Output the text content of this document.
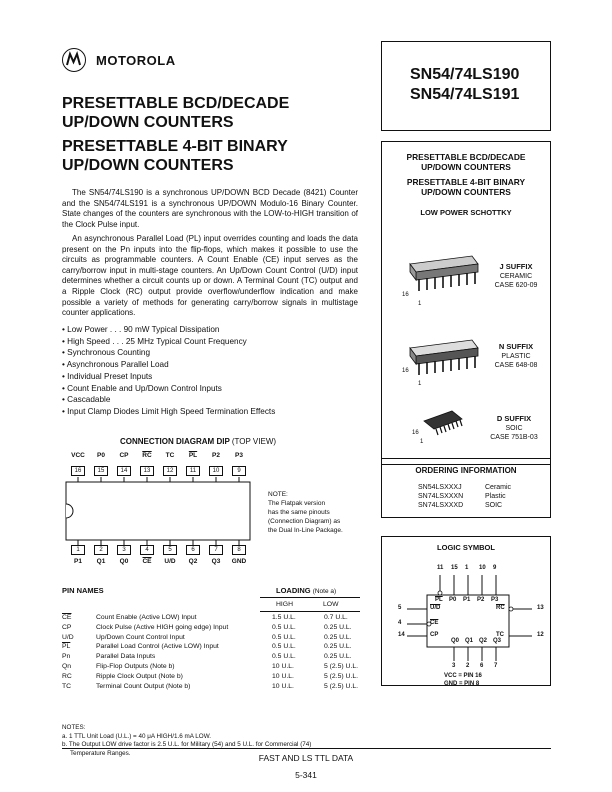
MOTOROLA
SN54/74LS190
SN54/74LS191
PRESETTABLE BCD/DECADE
UP/DOWN COUNTERS
PRESETTABLE 4-BIT BINARY
UP/DOWN COUNTERS

The SN54/74LS190 is a synchronous UP/DOWN BCD Decade (8421) Counter and the SN54/74LS191 is a synchronous UP/DOWN Modulo-16 Binary Counter. State changes of the counters are synchronous with the LOW-to-HIGH transition of the Clock Pulse input.

An asynchronous Parallel Load (PL) input overrides counting and loads the data present on the Pn inputs into the flip-flops, which makes it possible to use the circuits as programmable counters. A Count Enable (CE) input serves as the carry/borrow input in multi-stage counters. An Up/Down Count Control (U/D) input determines whether a circuit counts up or down. A Terminal Count (TC) output and a Ripple Clock (RC) output provide overflow/underflow indication and make possible a variety of methods for generating carry/borrow signals in multistage counter applications.

• Low Power . . . 90 mW Typical Dissipation
• High Speed . . . 25 MHz Typical Count Frequency
• Synchronous Counting
• Asynchronous Parallel Load
• Individual Preset Inputs
• Count Enable and Up/Down Control Inputs
• Cascadable
• Input Clamp Diodes Limit High Speed Termination Effects
PRESETTABLE BCD/DECADE
UP/DOWN COUNTERS
PRESETTABLE 4-BIT BINARY
UP/DOWN COUNTERS
LOW POWER SCHOTTKY
16
1
J SUFFIX
CERAMIC
CASE 620-09
16
1
N SUFFIX
PLASTIC
CASE 648-08
16
1
D SUFFIX
SOIC
CASE 751B-03
ORDERING INFORMATION
SN54LSXXXJ	Ceramic
SN74LSXXXN	Plastic
SN74LSXXXD	SOIC
CONNECTION DIAGRAM DIP (TOP VIEW)
VCC	P0	CP	$\overline{RC}$	TC	$\overline{PL}$	P2	P3
16	15	14	13	12	11	10	9
1	2	3	4	5	6	7	8
P1	Q1	Q0	$\overline{CE}$	U/D	Q2	Q3	GND
NOTE:
The Flatpak version
has the same pinouts
(Connection Diagram) as
the Dual In-Line Package.
PIN NAMES	LOADING (Note a)
HIGH	LOW
$\overline{CE}$	Count Enable (Active LOW) Input	1.5 U.L.	0.7 U.L.
CP	Clock Pulse (Active HIGH going edge) Input	0.5 U.L.	0.25 U.L.
U/D	Up/Down Count Control Input	0.5 U.L.	0.25 U.L.
$\overline{PL}$	Parallel Load Control (Active LOW) Input	0.5 U.L.	0.25 U.L.
Pn	Parallel Data Inputs	0.5 U.L.	0.25 U.L.
Qn	Flip-Flop Outputs (Note b)	10 U.L.	5 (2.5) U.L.
RC	Ripple Clock Output (Note b)	10 U.L.	5 (2.5) U.L.
TC	Terminal Count Output (Note b)	10 U.L.	5 (2.5) U.L.
NOTES:
a. 1 TTL Unit Load (U.L.) = 40 μA HIGH/1.6 mA LOW.
b. The Output LOW drive factor is 2.5 U.L. for Military (54) and 5 U.L. for Commercial (74)
Temperature Ranges.
LOGIC SYMBOL
11 15 1 10 9
$\overline{PL}$ P0 P1 P2 P3
5	U/D
4	$\overline{CE}$
14	CP
13
$\overline{RC}$
12
TC
Q0 Q1 Q2 Q3
3 2 6 7
VCC = PIN 16
GND = PIN 8
FAST AND LS TTL DATA
5-341
